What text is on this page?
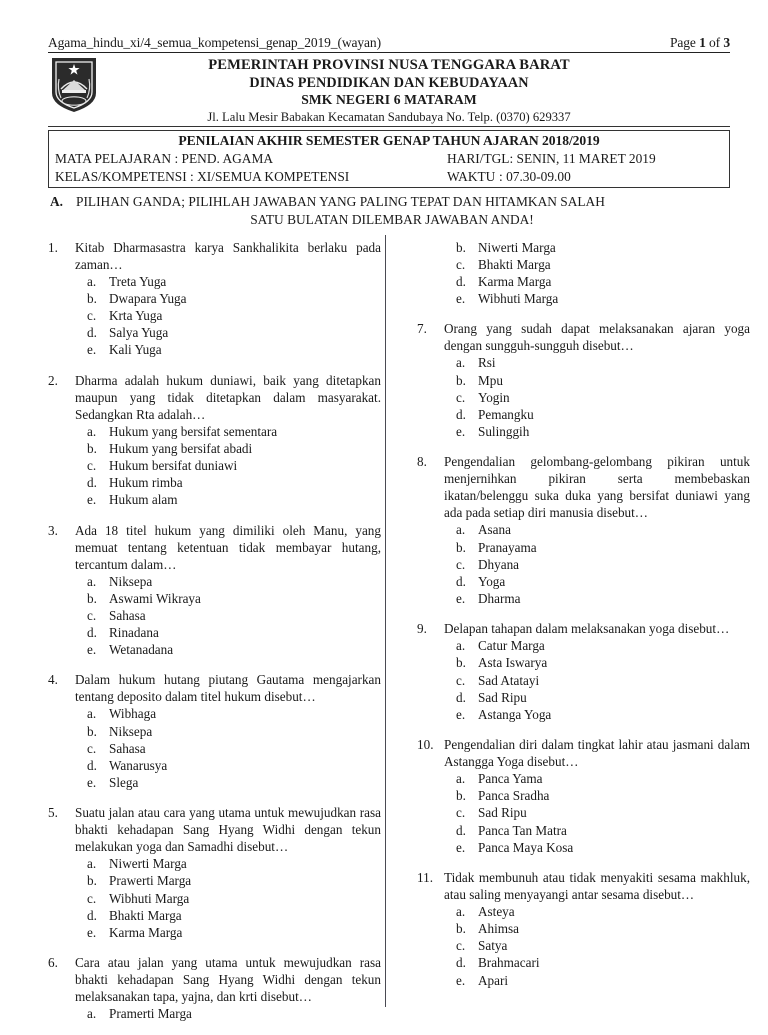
Agama_hindu_xi/4_semua_kompetensi_genap_2019_(wayan)	Page 1 of 3
PEMERINTAH PROVINSI NUSA TENGGARA BARAT
DINAS PENDIDIKAN DAN KEBUDAYAAN
SMK NEGERI 6 MATARAM
Jl. Lalu Mesir Babakan Kecamatan Sandubaya No. Telp. (0370) 629337
PENILAIAN AKHIR SEMESTER GENAP TAHUN AJARAN 2018/2019
MATA PELAJARAN : PEND. AGAMA	HARI/TGL: SENIN, 11 MARET 2019
KELAS/KOMPETENSI : XI/SEMUA KOMPETENSI	WAKTU : 07.30-09.00
A. PILIHAN GANDA; PILIHLAH JAWABAN YANG PALING TEPAT DAN HITAMKAN SALAH
SATU BULATAN DILEMBAR JAWABAN ANDA!
1.	Kitab Dharmasastra karya Sankhalikita berlaku pada zaman…

a. Treta Yuga
b. Dwapara Yuga
c. Krta Yuga
d. Salya Yuga
e. Kali Yuga
2.	Dharma adalah hukum duniawi, baik yang ditetapkan maupun yang tidak ditetapkan dalam masyarakat. Sedangkan Rta adalah…

a. Hukum yang bersifat sementara
b. Hukum yang bersifat abadi
c. Hukum bersifat duniawi
d. Hukum rimba
e. Hukum alam
3.	Ada 18 titel hukum yang dimiliki oleh Manu, yang memuat tentang ketentuan tidak membayar hutang, tercantum dalam…

a. Niksepa
b. Aswami Wikraya
c. Sahasa
d. Rinadana
e. Wetanadana
4.	Dalam hukum hutang piutang Gautama mengajarkan tentang deposito dalam titel hukum disebut…

a. Wibhaga
b. Niksepa
c. Sahasa
d. Wanarusya
e. Slega
5.	Suatu jalan atau cara yang utama untuk mewujudkan rasa bhakti kehadapan Sang Hyang Widhi dengan tekun melakukan yoga dan Samadhi disebut…

a. Niwerti Marga
b. Prawerti Marga
c. Wibhuti Marga
d. Bhakti Marga
e. Karma Marga
6.	Cara atau jalan yang utama untuk mewujudkan rasa bhakti kehadapan Sang Hyang Widhi dengan tekun melaksanakan tapa, yajna, dan krti disebut…

a. Pramerti Marga
b. Niwerti Marga
c. Bhakti Marga
d. Karma Marga
e. Wibhuti Marga
7.	Orang yang sudah dapat melaksanakan ajaran yoga dengan sungguh-sungguh disebut…

a. Rsi
b. Mpu
c. Yogin
d. Pemangku
e. Sulinggih
8.	Pengendalian gelombang-gelombang pikiran untuk menjernihkan pikiran serta membebaskan ikatan/belenggu suka duka yang bersifat duniawi yang ada pada setiap diri manusia disebut…

a. Asana
b. Pranayama
c. Dhyana
d. Yoga
e. Dharma
9.	Delapan tahapan dalam melaksanakan yoga disebut…

a. Catur Marga
b. Asta Iswarya
c. Sad Atatayi
d. Sad Ripu
e. Astanga Yoga
10. Pengendalian diri dalam tingkat lahir atau jasmani dalam Astangga Yoga disebut…

a. Panca Yama
b. Panca Sradha
c. Sad Ripu
d. Panca Tan Matra
e. Panca Maya Kosa
11. Tidak membunuh atau tidak menyakiti sesama makhluk, atau saling menyayangi antar sesama disebut…

a. Asteya
b. Ahimsa
c. Satya
d. Brahmacari
e. Apari
